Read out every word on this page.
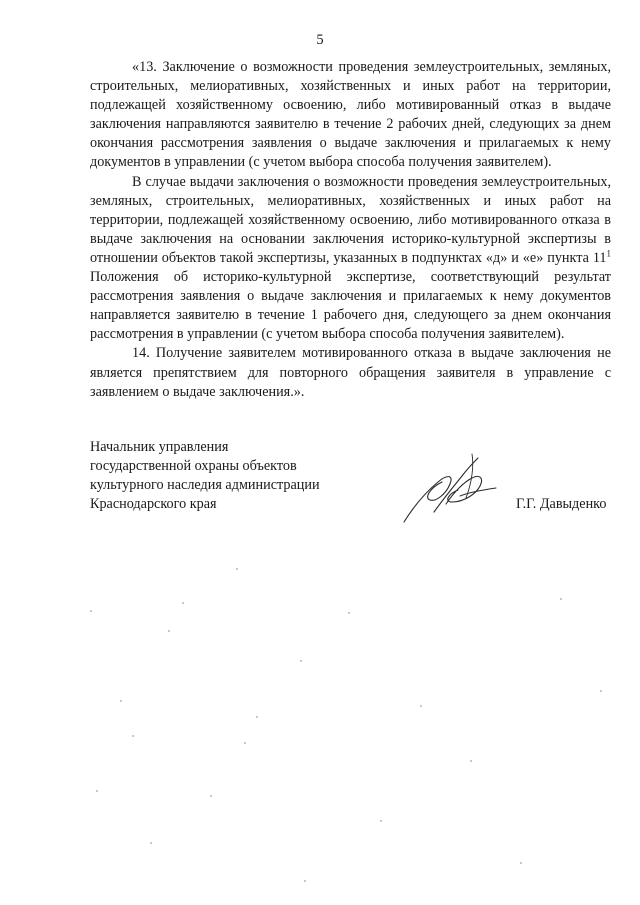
5

«13. Заключение о возможности проведения землеустроительных, земляных, строительных, мелиоративных, хозяйственных и иных работ на территории, подлежащей хозяйственному освоению, либо мотивированный отказ в выдаче заключения направляются заявителю в течение 2 рабочих дней, следующих за днем окончания рассмотрения заявления о выдаче заключения и прилагаемых к нему документов в управлении (с учетом выбора способа получения заявителем).

В случае выдачи заключения о возможности проведения землеустроительных, земляных, строительных, мелиоративных, хозяйственных и иных работ на территории, подлежащей хозяйственному освоению, либо мотивированного отказа в выдаче заключения на основании заключения историко-культурной экспертизы в отношении объектов такой экспертизы, указанных в подпунктах «д» и «е» пункта $11^1$ Положения об историко-культурной экспертизе, соответствующий результат рассмотрения заявления о выдаче заключения и прилагаемых к нему документов направляется заявителю в течение 1 рабочего дня, следующего за днем окончания рассмотрения в управлении (с учетом выбора способа получения заявителем).

14. Получение заявителем мотивированного отказа в выдаче заключения не является препятствием для повторного обращения заявителя в управление с заявлением о выдаче заключения.».

Начальник управления
государственной охраны объектов
культурного наследия администрации
Краснодарского края	Г.Г. Давыденко
